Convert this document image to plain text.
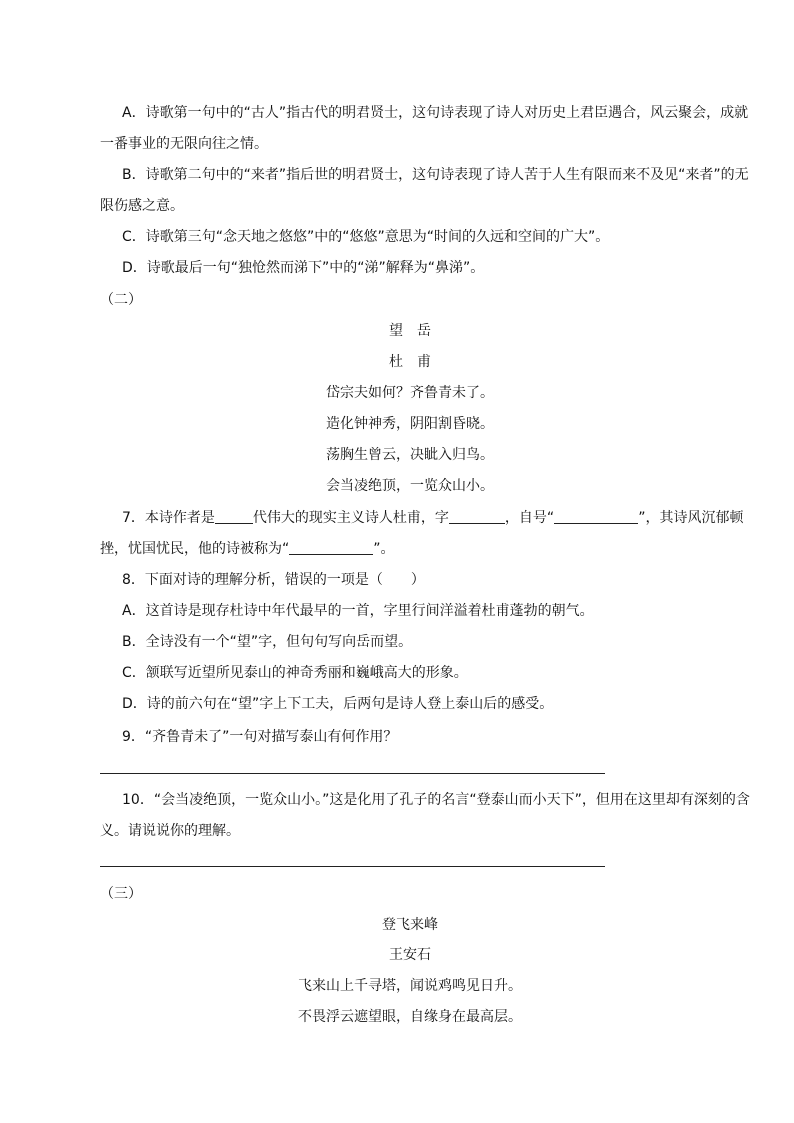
A．诗歌第一句中的“古人”指古代的明君贤士，这句诗表现了诗人对历史上君臣遇合，风云聚会，成就
一番事业的无限向往之情。
B．诗歌第二句中的“来者”指后世的明君贤士，这句诗表现了诗人苦于人生有限而来不及见“来者”的无
限伤感之意。
C．诗歌第三句“念天地之悠悠”中的“悠悠”意思为“时间的久远和空间的广大”。
D．诗歌最后一句“独怆然而涕下”中的“涕”解释为“鼻涕”。
（二）
望　岳
杜　甫
岱宗夫如何？齐鲁青未了。
造化钟神秀，阴阳割昏晓。
荡胸生曾云，决眦入归鸟。
会当凌绝顶，一览众山小。
7．本诗作者是	代伟大的现实主义诗人杜甫，字	，自号“	”，其诗风沉郁顿
挫，忧国忧民，他的诗被称为“	”。
8．下面对诗的理解分析，错误的一项是（　　）
A．这首诗是现存杜诗中年代最早的一首，字里行间洋溢着杜甫蓬勃的朝气。
B．全诗没有一个“望”字，但句句写向岳而望。
C．颔联写近望所见泰山的神奇秀丽和巍峨高大的形象。
D．诗的前六句在“望”字上下工夫，后两句是诗人登上泰山后的感受。
9．“齐鲁青未了”一句对描写泰山有何作用？
10．“会当凌绝顶，一览众山小。”这是化用了孔子的名言“登泰山而小天下”，但用在这里却有深刻的含
义。请说说你的理解。
（三）
登飞来峰
王安石
飞来山上千寻塔，闻说鸡鸣见日升。
不畏浮云遮望眼，自缘身在最高层。
